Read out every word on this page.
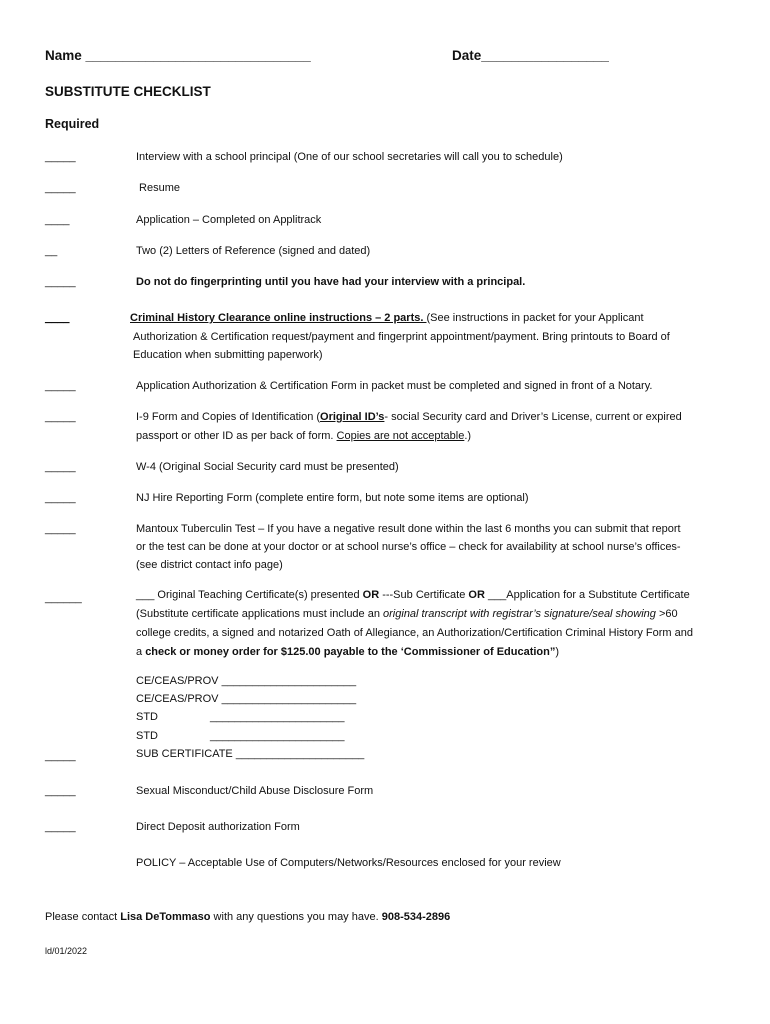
Name ______________________________	Date_________________
SUBSTITUTE CHECKLIST
Required
_____	Interview with a school principal (One of our school secretaries will call you to schedule)
_____	Resume
____	Application – Completed on Applitrack
__	Two (2) Letters of Reference (signed and dated)
_____	Do not do fingerprinting until you have had your interview with a principal.
____	Criminal History Clearance online instructions – 2 parts. (See instructions in packet for your Applicant
Authorization & Certification request/payment and fingerprint appointment/payment. Bring printouts to Board of
Education when submitting paperwork)
_____	Application Authorization & Certification Form in packet must be completed and signed in front of a Notary.
_____	I-9 Form and Copies of Identification (Original ID’s- social Security card and Driver’s License, current or expired
passport or other ID as per back of form. Copies are not acceptable.)
_____	W-4 (Original Social Security card must be presented)
_____	NJ Hire Reporting Form (complete entire form, but note some items are optional)
_____	Mantoux Tuberculin Test – If you have a negative result done within the last 6 months you can submit that report
or the test can be done at your doctor or at school nurse’s office – check for availability at school nurse’s offices-
(see district contact info page)
______	___ Original Teaching Certificate(s) presented OR ---Sub Certificate OR ___Application for a Substitute Certificate
(Substitute certificate applications must include an original transcript with registrar’s signature/seal showing >60
college credits, a signed and notarized Oath of Allegiance, an Authorization/Certification Criminal History Form and
a check or money order for $125.00 payable to the ‘Commissioner of Education”)
CE/CEAS/PROV ______________________
CE/CEAS/PROV ______________________
STD                 ______________________
STD                 ______________________
_____	SUB CERTIFICATE _____________________
_____	Sexual Misconduct/Child Abuse Disclosure Form
_____	Direct Deposit authorization Form
POLICY – Acceptable Use of Computers/Networks/Resources enclosed for your review
Please contact Lisa DeTommaso with any questions you may have. 908-534-2896
ld/01/2022
